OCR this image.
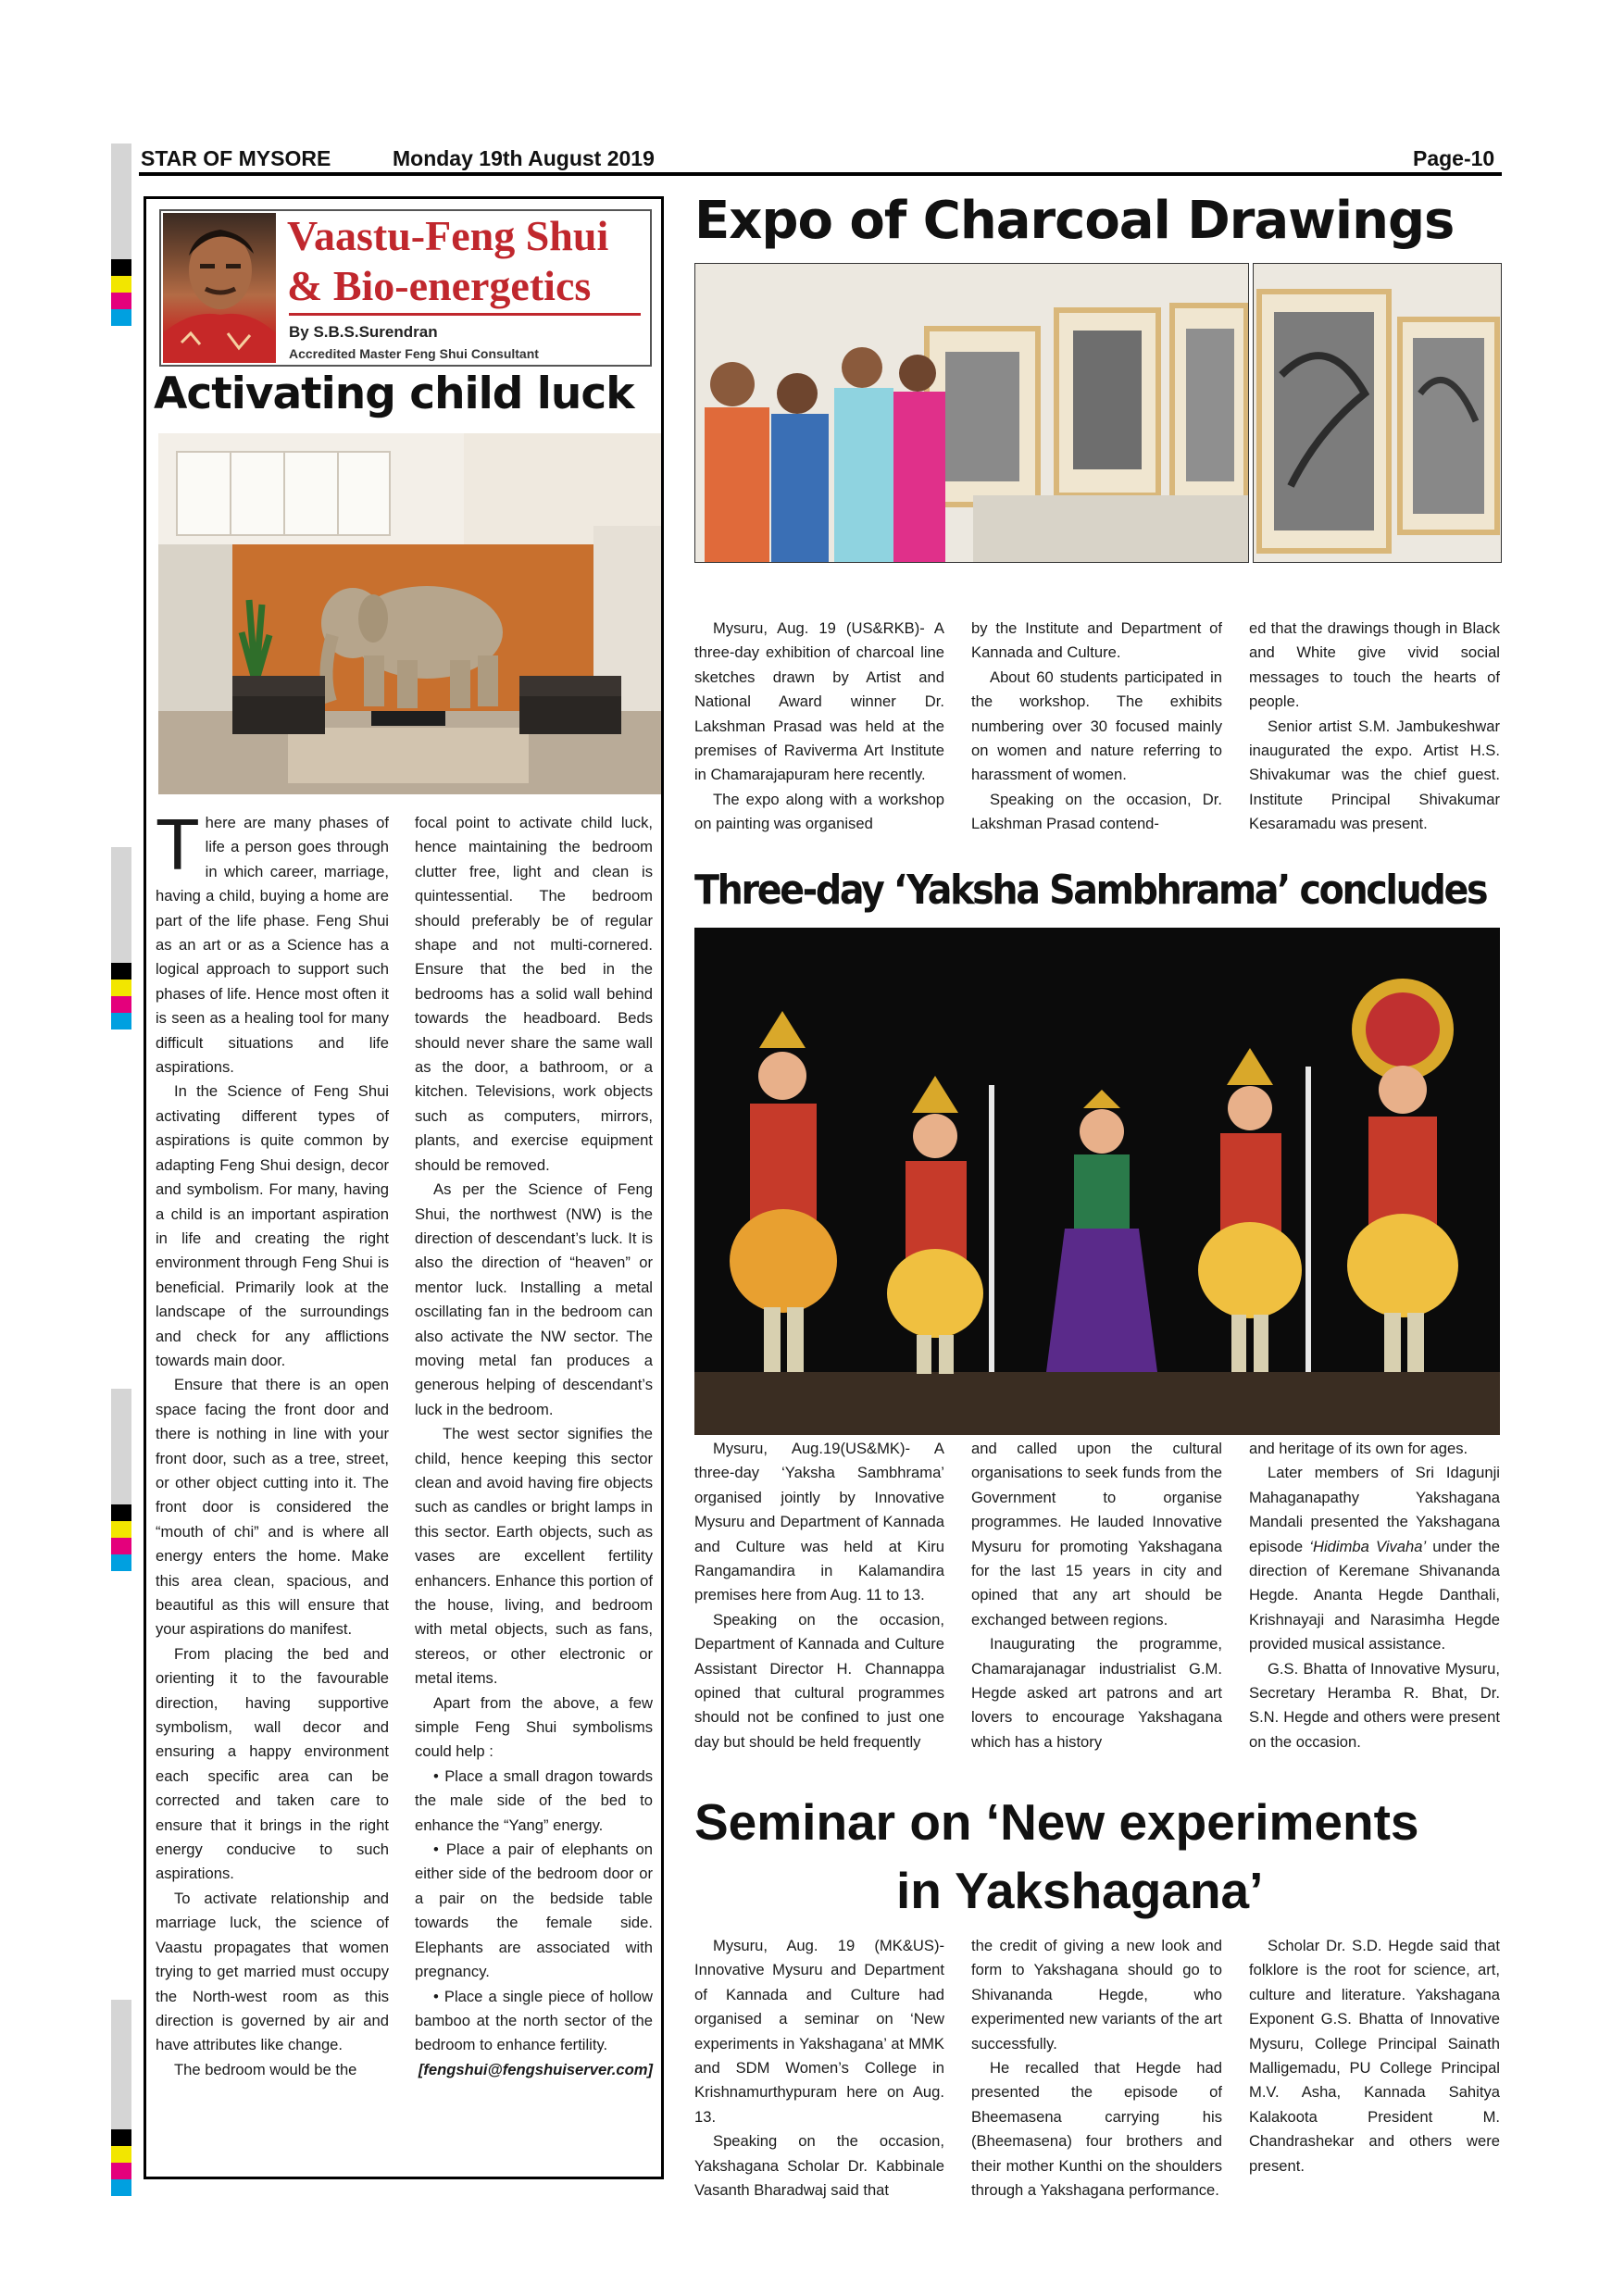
STAR OF MYSORE	Monday 19th August 2019	Page-10
Vaastu-Feng Shui
& Bio-energetics
By S.B.S.Surendran
Accredited Master Feng Shui Consultant
Activating child luck

There are many phases of life a person goes through in which career, marriage, having a child, buying a home are part of the life phase. Feng Shui as an art or as a Science has a logical approach to support such phases of life. Hence most often it is seen as a healing tool for many difficult situations and life aspirations.

In the Science of Feng Shui activating different types of aspirations is quite common by adapting Feng Shui design, decor and symbolism. For many, having a child is an important aspiration in life and creating the right environment through Feng Shui is beneficial. Primarily look at the landscape of the surroundings and check for any afflictions towards main door.

Ensure that there is an open space facing the front door and there is nothing in line with your front door, such as a tree, street, or other object cutting into it. The front door is considered the “mouth of chi” and is where all energy enters the home. Make this area clean, spacious, and beautiful as this will ensure that your aspirations do manifest.

From placing the bed and orienting it to the favourable direction, having supportive symbolism, wall decor and ensuring a happy environment each specific area can be corrected and taken care to ensure that it brings in the right energy conducive to such aspirations.

To activate relationship and marriage luck, the science of Vaastu propagates that women trying to get married must occupy the North-west room as this direction is governed by air and have attributes like change.

The bedroom would be the

focal point to activate child luck, hence maintaining the bedroom clutter free, light and clean is quintessential. The bedroom should preferably be of regular shape and not multi-cornered. Ensure that the bed in the bedrooms has a solid wall behind towards the headboard. Beds should never share the same wall as the door, a bathroom, or a kitchen. Televisions, work objects such as computers, mirrors, plants, and exercise equipment should be removed.

As per the Science of Feng Shui, the northwest (NW) is the direction of descendant’s luck. It is also the direction of “heaven” or mentor luck. Installing a metal oscillating fan in the bedroom can also activate the NW sector. The moving metal fan produces a generous helping of descendant’s luck in the bedroom.

The west sector signifies the child, hence keeping this sector clean and avoid having fire objects such as candles or bright lamps in this sector. Earth objects, such as vases are excellent fertility enhancers. Enhance this portion of the house, living, and bedroom with metal objects, such as fans, stereos, or other electronic or metal items.

Apart from the above, a few simple Feng Shui symbolisms could help :

• Place a small dragon towards the male side of the bed to enhance the “Yang” energy.

• Place a pair of elephants on either side of the bedroom door or a pair on the bedside table towards the female side. Elephants are associated with pregnancy.

• Place a single piece of hollow bamboo at the north sector of the bedroom to enhance fertility.

[fengshui@fengshuiserver.com]

Expo of Charcoal Drawings

Mysuru, Aug. 19 (US&RKB)- A three-day exhibition of charcoal line sketches drawn by Artist and National Award winner Dr. Lakshman Prasad was held at the premises of Raviverma Art Institute in Chamarajapuram here recently.

The expo along with a workshop on painting was organised

by the Institute and Department of Kannada and Culture.

About 60 students participated in the workshop. The exhibits numbering over 30 focused mainly on women and nature referring to harassment of women.

Speaking on the occasion, Dr. Lakshman Prasad contend-

ed that the drawings though in Black and White give vivid social messages to touch the hearts of people.

Senior artist S.M. Jambukeshwar inaugurated the expo. Artist H.S. Shivakumar was the chief guest. Institute Principal Shivakumar Kesaramadu was present.

Three-day ‘Yaksha Sambhrama’ concludes

Mysuru, Aug.19(US&MK)- A three-day ‘Yaksha Sambhrama’ organised jointly by Innovative Mysuru and Department of Kannada and Culture was held at Kiru Rangamandira in Kalamandira premises here from Aug. 11 to 13.

Speaking on the occasion, Department of Kannada and Culture Assistant Director H. Channappa opined that cultural programmes should not be confined to just one day but should be held frequently

and called upon the cultural organisations to seek funds from the Government to organise programmes. He lauded Innovative Mysuru for promoting Yakshagana for the last 15 years in city and opined that any art should be exchanged between regions.

Inaugurating the programme, Chamarajanagar industrialist G.M. Hegde asked art patrons and art lovers to encourage Yakshagana which has a history

and heritage of its own for ages.

Later members of Sri Idagunji Mahaganapathy Yakshagana Mandali presented the Yakshagana episode ‘Hidimba Vivaha’ under the direction of Keremane Shivananda Hegde. Ananta Hegde Danthali, Krishnayaji and Narasimha Hegde provided musical assistance.

G.S. Bhatta of Innovative Mysuru, Secretary Heramba R. Bhat, Dr. S.N. Hegde and others were present on the occasion.

Seminar on ‘New experiments
in Yakshagana’

Mysuru, Aug. 19 (MK&US)- Innovative Mysuru and Department of Kannada and Culture had organised a seminar on ‘New experiments in Yakshagana’ at MMK and SDM Women’s College in Krishnamurthypuram here on Aug. 13.

Speaking on the occasion, Yakshagana Scholar Dr. Kabbinale Vasanth Bharadwaj said that

the credit of giving a new look and form to Yakshagana should go to Shivananda Hegde, who experimented new variants of the art successfully.

He recalled that Hegde had presented the episode of Bheemasena carrying his (Bheemasena) four brothers and their mother Kunthi on the shoulders through a Yakshagana performance.

Scholar Dr. S.D. Hegde said that folklore is the root for science, art, culture and literature. Yakshagana Exponent G.S. Bhatta of Innovative Mysuru, College Principal Sainath Malligemadu, PU College Principal M.V. Asha, Kannada Sahitya Kalakoota President M. Chandrashekar and others were present.
